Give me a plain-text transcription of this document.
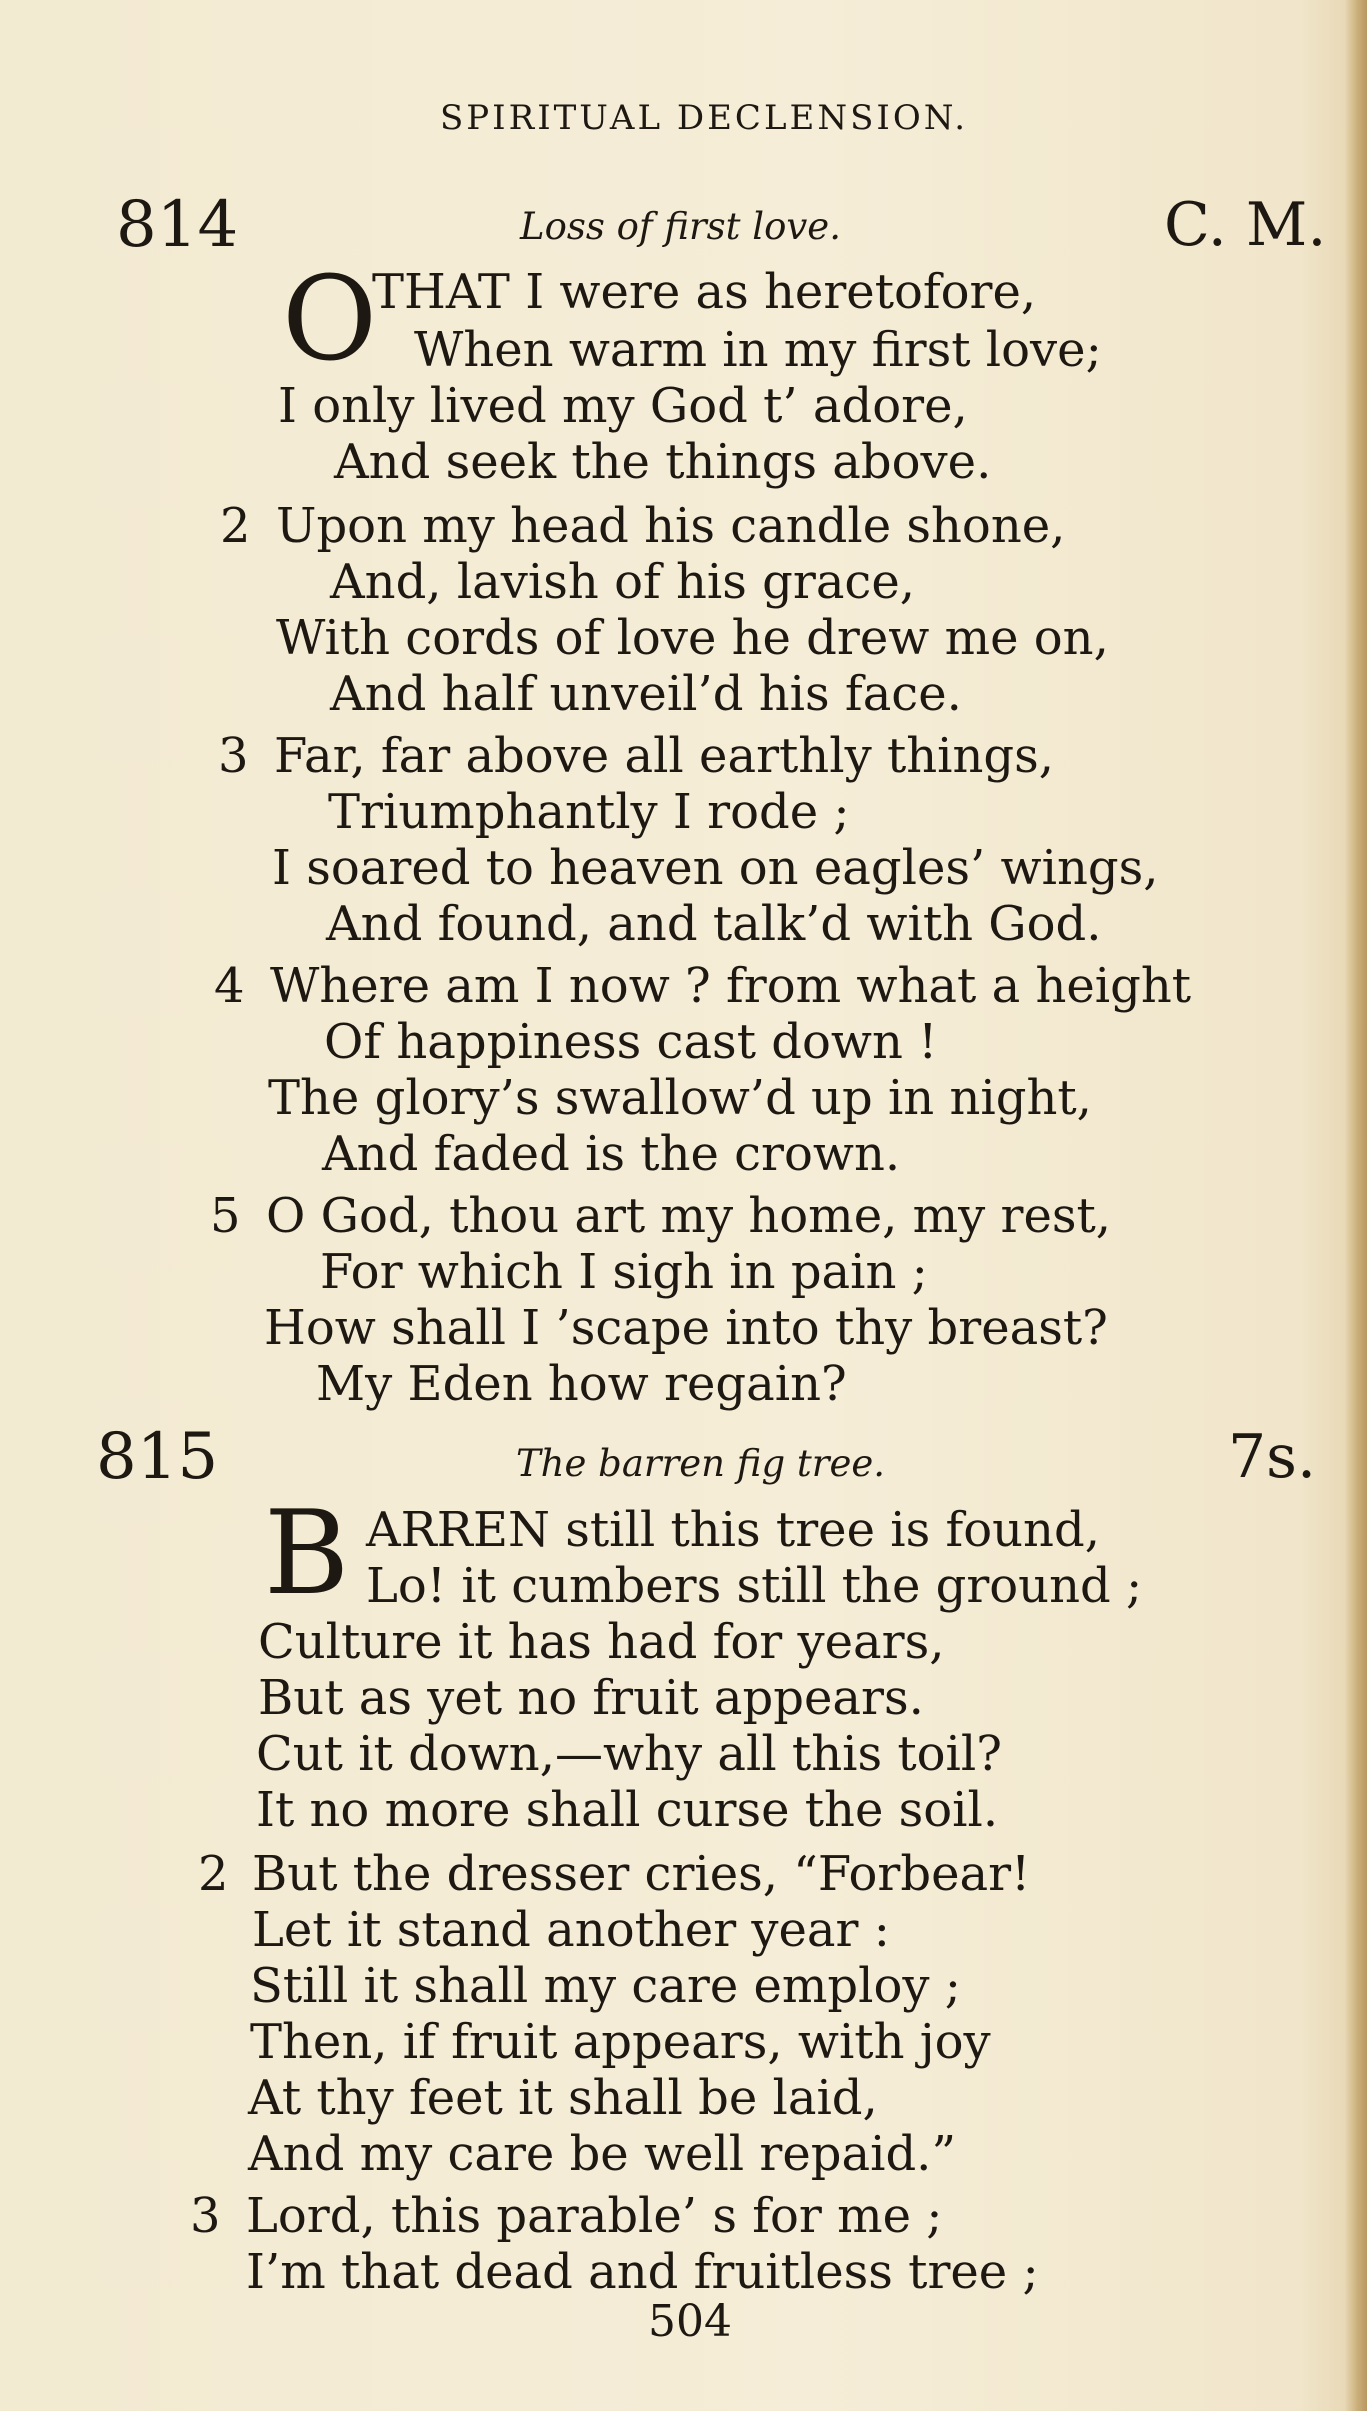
SPIRITUAL DECLENSION.
814	Loss of first love.	C. M.
O
THAT I were as heretofore,
When warm in my first love;
I only lived my God t’ adore,
And seek the things above.
2 Upon my head his candle shone,
And, lavish of his grace,
With cords of love he drew me on,
And half unveil’d his face.
3 Far, far above all earthly things,
Triumphantly I rode ;
I soared to heaven on eagles’ wings,
And found, and talk’d with God.
4 Where am I now ? from what a height
Of happiness cast down !
The glory’s swallow’d up in night,
And faded is the crown.
5 O God, thou art my home, my rest,
For which I sigh in pain ;
How shall I ’scape into thy breast?
My Eden how regain?
815	The barren fig tree.	7s.
B ARREN still this tree is found,
Lo! it cumbers still the ground ;
Culture it has had for years,
But as yet no fruit appears.
Cut it down,—why all this toil?
It no more shall curse the soil.
2 But the dresser cries, “Forbear!
Let it stand another year :
Still it shall my care employ ;
Then, if fruit appears, with joy
At thy feet it shall be laid,
And my care be well repaid.”
3 Lord, this parable’ s for me ;
I’m that dead and fruitless tree ;
504
